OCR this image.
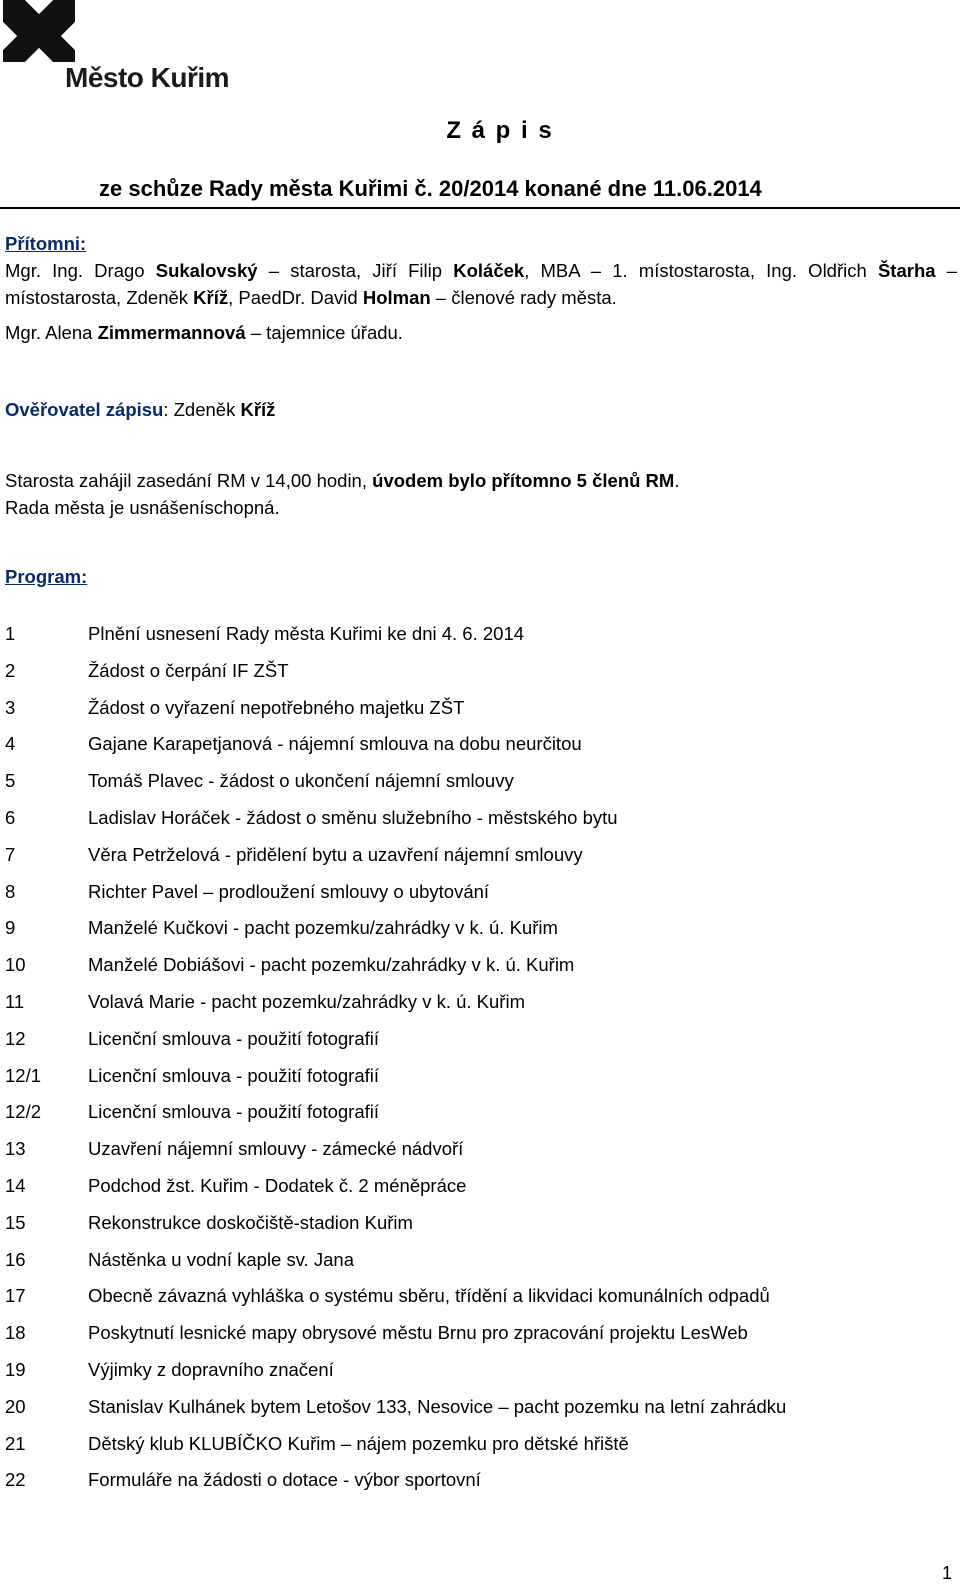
Město Kuřim
Z á p i s
ze schůze Rady města Kuřimi č. 20/2014 konané dne 11.06.2014

Přítomni:

Mgr. Ing. Drago Sukalovský – starosta, Jiří Filip Koláček, MBA – 1. místostarosta, Ing. Oldřich Štarha – místostarosta, Zdeněk Kříž, PaedDr. David Holman – členové rady města.

Mgr. Alena Zimmermannová – tajemnice úřadu.

Ověřovatel zápisu: Zdeněk Kříž
Starosta zahájil zasedání RM v 14,00 hodin, úvodem bylo přítomno 5 členů RM.
Rada města je usnášeníschopná.
Program:
1	Plnění usnesení Rady města Kuřimi ke dni 4. 6. 2014
2	Žádost o čerpání IF ZŠT
3	Žádost o vyřazení nepotřebného majetku ZŠT
4	Gajane Karapetjanová - nájemní smlouva na dobu neurčitou
5	Tomáš Plavec - žádost o ukončení nájemní smlouvy
6	Ladislav Horáček - žádost o směnu služebního - městského bytu
7	Věra Petrželová - přidělení bytu a uzavření nájemní smlouvy
8	Richter Pavel – prodloužení smlouvy o ubytování
9	Manželé Kučkovi - pacht pozemku/zahrádky v k. ú. Kuřim
10	Manželé Dobiášovi - pacht pozemku/zahrádky v k. ú. Kuřim
11	Volavá Marie - pacht pozemku/zahrádky v k. ú. Kuřim
12	Licenční smlouva - použití fotografií
12/1	Licenční smlouva - použití fotografií
12/2	Licenční smlouva - použití fotografií
13	Uzavření nájemní smlouvy - zámecké nádvoří
14	Podchod žst. Kuřim - Dodatek č. 2 méněpráce
15	Rekonstrukce doskočiště-stadion Kuřim
16	Nástěnka u vodní kaple sv. Jana
17	Obecně závazná vyhláška o systému sběru, třídění a likvidaci komunálních odpadů
18	Poskytnutí lesnické mapy obrysové městu Brnu pro zpracování projektu LesWeb
19	Výjimky z dopravního značení
20	Stanislav Kulhánek bytem Letošov 133, Nesovice – pacht pozemku na letní zahrádku
21	Dětský klub KLUBÍČKO Kuřim – nájem pozemku pro dětské hřiště
22	Formuláře na žádosti o dotace - výbor sportovní
1
